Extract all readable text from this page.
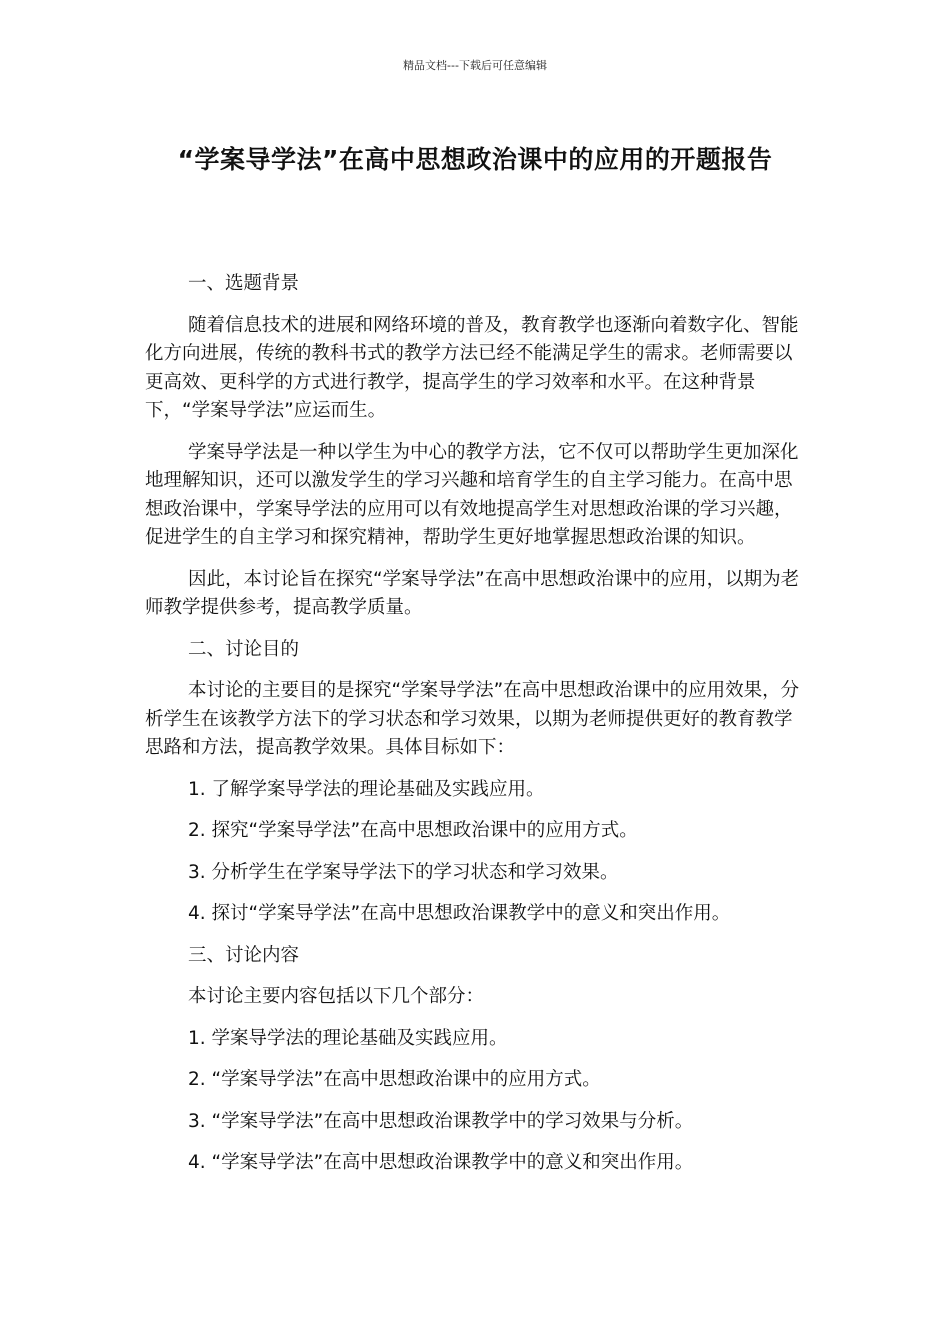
精品文档---下载后可任意编辑
“学案导学法”在高中思想政治课中的应用的开题报告
一、选题背景
随着信息技术的进展和网络环境的普及，教育教学也逐渐向着数字化、智能化方向进展，传统的教科书式的教学方法已经不能满足学生的需求。老师需要以更高效、更科学的方式进行教学，提高学生的学习效率和水平。在这种背景下，“学案导学法”应运而生。
学案导学法是一种以学生为中心的教学方法，它不仅可以帮助学生更加深化地理解知识，还可以激发学生的学习兴趣和培育学生的自主学习能力。在高中思想政治课中，学案导学法的应用可以有效地提高学生对思想政治课的学习兴趣，促进学生的自主学习和探究精神，帮助学生更好地掌握思想政治课的知识。
因此，本讨论旨在探究“学案导学法”在高中思想政治课中的应用，以期为老师教学提供参考，提高教学质量。
二、讨论目的
本讨论的主要目的是探究“学案导学法”在高中思想政治课中的应用效果，分析学生在该教学方法下的学习状态和学习效果，以期为老师提供更好的教育教学思路和方法，提高教学效果。具体目标如下：
1. 了解学案导学法的理论基础及实践应用。
2. 探究“学案导学法”在高中思想政治课中的应用方式。
3. 分析学生在学案导学法下的学习状态和学习效果。
4. 探讨“学案导学法”在高中思想政治课教学中的意义和突出作用。
三、讨论内容
本讨论主要内容包括以下几个部分：
1. 学案导学法的理论基础及实践应用。
2. “学案导学法”在高中思想政治课中的应用方式。
3. “学案导学法”在高中思想政治课教学中的学习效果与分析。
4. “学案导学法”在高中思想政治课教学中的意义和突出作用。
